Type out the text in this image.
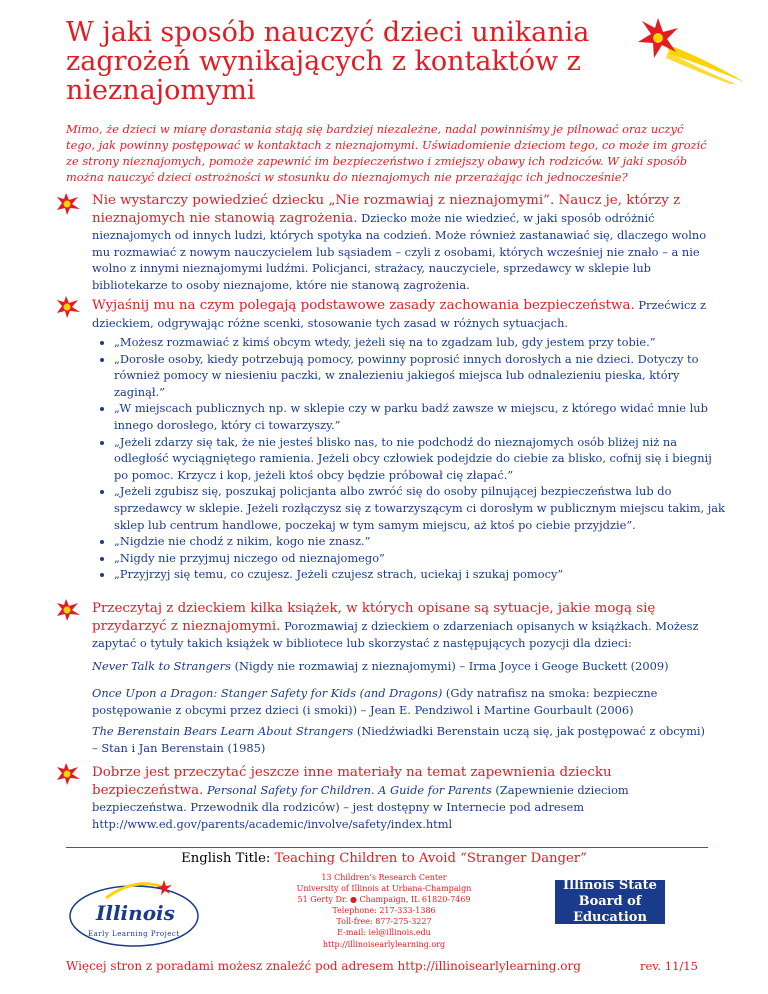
W jaki sposób nauczyć dzieci unikania zagrożeń wynikających z kontaktów z nieznajomymi

Mimo, że dzieci w miarę dorastania stają się bardziej niezależne, nadal powinniśmy je pilnować oraz uczyć tego, jak powinny postępować w kontaktach z nieznajomymi. Uświadomienie dzieciom tego, co może im grozić ze strony nieznajomych, pomoże zapewnić im bezpieczeństwo i zmiejszy obawy ich rodziców. W jaki sposób można nauczyć dzieci ostrożności w stosunku do nieznajomych nie przerażając ich jednocześnie?

Nie wystarczy powiedzieć dziecku „Nie rozmawiaj z nieznajomymi”. Naucz je, którzy z nieznajomych nie stanowią zagrożenia. Dziecko może nie wiedzieć, w jaki sposób odróżnić nieznajomych od innych ludzi, których spotyka na codzień. Może również zastanawiać się, dlaczego wolno mu rozmawiać z nowym nauczycielem lub sąsiadem – czyli z osobami, których wcześniej nie znało – a nie wolno z innymi nieznajomymi ludźmi. Policjanci, strażacy, nauczyciele, sprzedawcy w sklepie lub bibliotekarze to osoby nieznajome, które nie stanową zagrożenia.

Wyjaśnij mu na czym polegają podstawowe zasady zachowania bezpieczeństwa. Przećwicz z dzieckiem, odgrywając różne scenki, stosowanie tych zasad w różnych sytuacjach.

• „Możesz rozmawiać z kimś obcym wtedy, jeżeli się na to zgadzam lub, gdy jestem przy tobie.”
• „Dorosłe osoby, kiedy potrzebują pomocy, powinny poprosić innych dorosłych a nie dzieci. Dotyczy to również pomocy w niesieniu paczki, w znalezieniu jakiegoś miejsca lub odnalezieniu pieska, który zaginął.”
• „W miejscach publicznych np. w sklepie czy w parku badź zawsze w miejscu, z którego widać mnie lub innego dorosłego, który ci towarzyszy.”
• „Jeżeli zdarzy się tak, że nie jesteś blisko nas, to nie podchodź do nieznajomych osób bliżej niż na odległość wyciągniętego ramienia. Jeżeli obcy człowiek podejdzie do ciebie za blisko, cofnij się i biegnij po pomoc. Krzycz i kop, jeżeli ktoś obcy będzie próbował cię złapać.”
• „Jeżeli zgubisz się, poszukaj policjanta albo zwróć się do osoby pilnującej bezpieczeństwa lub do sprzedawcy w sklepie. Jeżeli rozłączysz się z towarzyszącym ci dorosłym w publicznym miejscu takim, jak sklep lub centrum handlowe, poczekaj w tym samym miejscu, aż ktoś po ciebie przyjdzie”.
• „Nigdzie nie chodź z nikim, kogo nie znasz.”
• „Nigdy nie przyjmuj niczego od nieznajomego”
• „Przyjrzyj się temu, co czujesz. Jeżeli czujesz strach, uciekaj i szukaj pomocy”

Przeczytaj z dzieckiem kilka książek, w których opisane są sytuacje, jakie mogą się przydarzyć z nieznajomymi. Porozmawiaj z dzieckiem o zdarzeniach opisanych w książkach. Możesz zapytać o tytuły takich książek w bibliotece lub skorzystać z następujących pozycji dla dzieci:

Never Talk to Strangers (Nigdy nie rozmawiaj z nieznajomymi) – Irma Joyce i Geoge Buckett (2009)

Once Upon a Dragon: Stanger Safety for Kids (and Dragons) (Gdy natrafisz na smoka: bezpieczne postępowanie z obcymi przez dzieci (i smoki)) – Jean E. Pendziwol i Martine Gourbault (2006)

The Berenstain Bears Learn About Strangers (Niedźwiadki Berenstain uczą się, jak postępować z obcymi) – Stan i Jan Berenstain (1985)

Dobrze jest przeczytać jeszcze inne materiały na temat zapewnienia dziecku bezpieczeństwa. Personal Safety for Children. A Guide for Parents (Zapewnienie dzieciom bezpieczeństwa. Przewodnik dla rodziców) – jest dostępny w Internecie pod adresem http://www.ed.gov/parents/academic/involve/safety/index.html

English Title: Teaching Children to Avoid “Stranger Danger”
Illinois
Early Learning Project
13 Children’s Research Center
University of Illinois at Urbana-Champaign
51 Gerty Dr. ● Champaign, IL 61820-7469
Telephone: 217-333-1386
Toll-free: 877-275-3227
E-mail: iel@illinois.edu
http://illinoisearlylearning.org
Illinois State
Board of Education
Więcej stron z poradami możesz znaleźć pod adresem http://illinoisearlylearning.org	rev. 11/15
